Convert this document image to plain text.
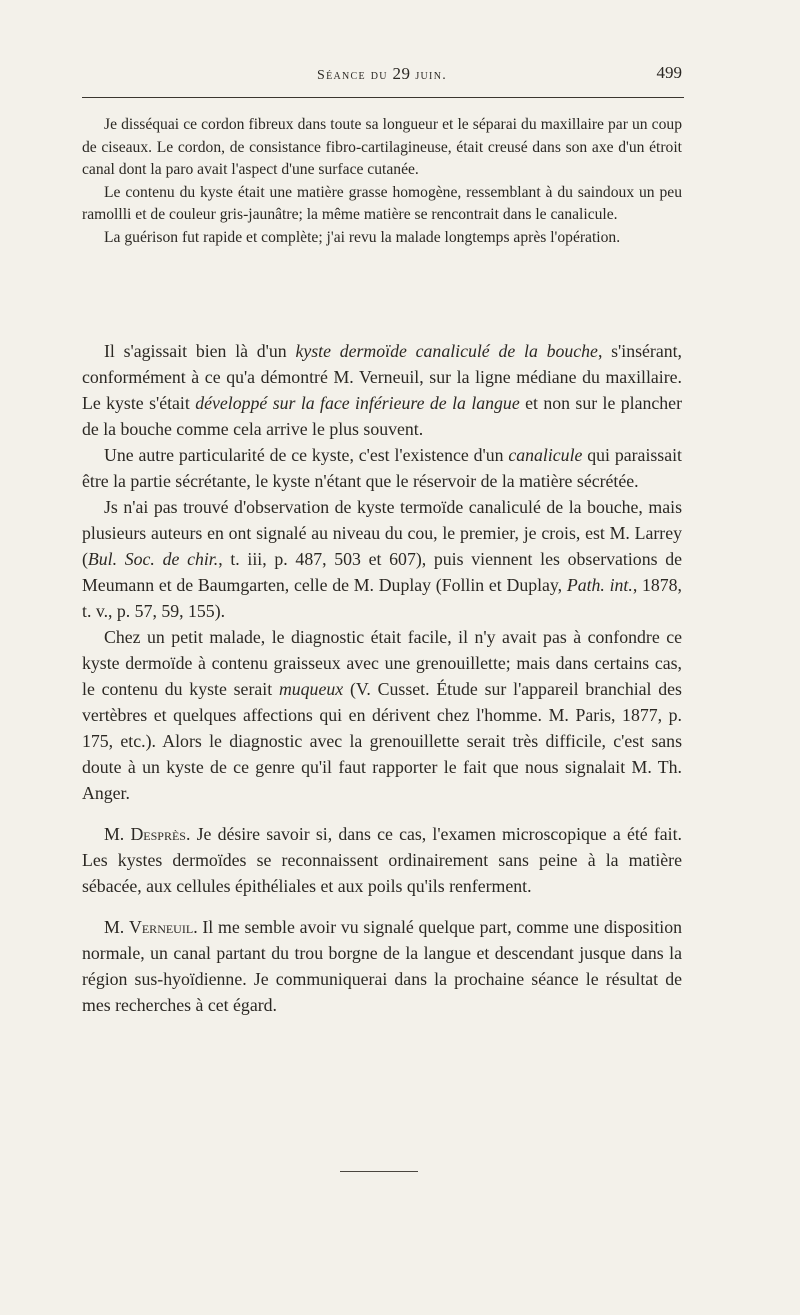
Séance du 29 juin.	499

Je disséquai ce cordon fibreux dans toute sa longueur et le séparai du maxillaire par un coup de ciseaux. Le cordon, de consistance fibro-cartilagineuse, était creusé dans son axe d'un étroit canal dont la paro avait l'aspect d'une surface cutanée.

Le contenu du kyste était une matière grasse homogène, ressemblant à du saindoux un peu ramollli et de couleur gris-jaunâtre; la même matière se rencontrait dans le canalicule.

La guérison fut rapide et complète; j'ai revu la malade longtemps après l'opération.

Il s'agissait bien là d'un kyste dermoïde canaliculé de la bouche, s'insérant, conformément à ce qu'a démontré M. Verneuil, sur la ligne médiane du maxillaire. Le kyste s'était développé sur la face inférieure de la langue et non sur le plancher de la bouche comme cela arrive le plus souvent.

Une autre particularité de ce kyste, c'est l'existence d'un canalicule qui paraissait être la partie sécrétante, le kyste n'étant que le réservoir de la matière sécrétée.

Js n'ai pas trouvé d'observation de kyste termoïde canaliculé de la bouche, mais plusieurs auteurs en ont signalé au niveau du cou, le premier, je crois, est M. Larrey (Bul. Soc. de chir., t. iii, p. 487, 503 et 607), puis viennent les observations de Meumann et de Baumgarten, celle de M. Duplay (Follin et Duplay, Path. int., 1878, t. v., p. 57, 59, 155).

Chez un petit malade, le diagnostic était facile, il n'y avait pas à confondre ce kyste dermoïde à contenu graisseux avec une grenouillette; mais dans certains cas, le contenu du kyste serait muqueux (V. Cusset. Étude sur l'appareil branchial des vertèbres et quelques affections qui en dérivent chez l'homme. M. Paris, 1877, p. 175, etc.). Alors le diagnostic avec la grenouillette serait très difficile, c'est sans doute à un kyste de ce genre qu'il faut rapporter le fait que nous signalait M. Th. Anger.

M. Desprès. Je désire savoir si, dans ce cas, l'examen microscopique a été fait. Les kystes dermoïdes se reconnaissent ordinairement sans peine à la matière sébacée, aux cellules épithéliales et aux poils qu'ils renferment.

M. Verneuil. Il me semble avoir vu signalé quelque part, comme une disposition normale, un canal partant du trou borgne de la langue et descendant jusque dans la région sus-hyoïdienne. Je communiquerai dans la prochaine séance le résultat de mes recherches à cet égard.
